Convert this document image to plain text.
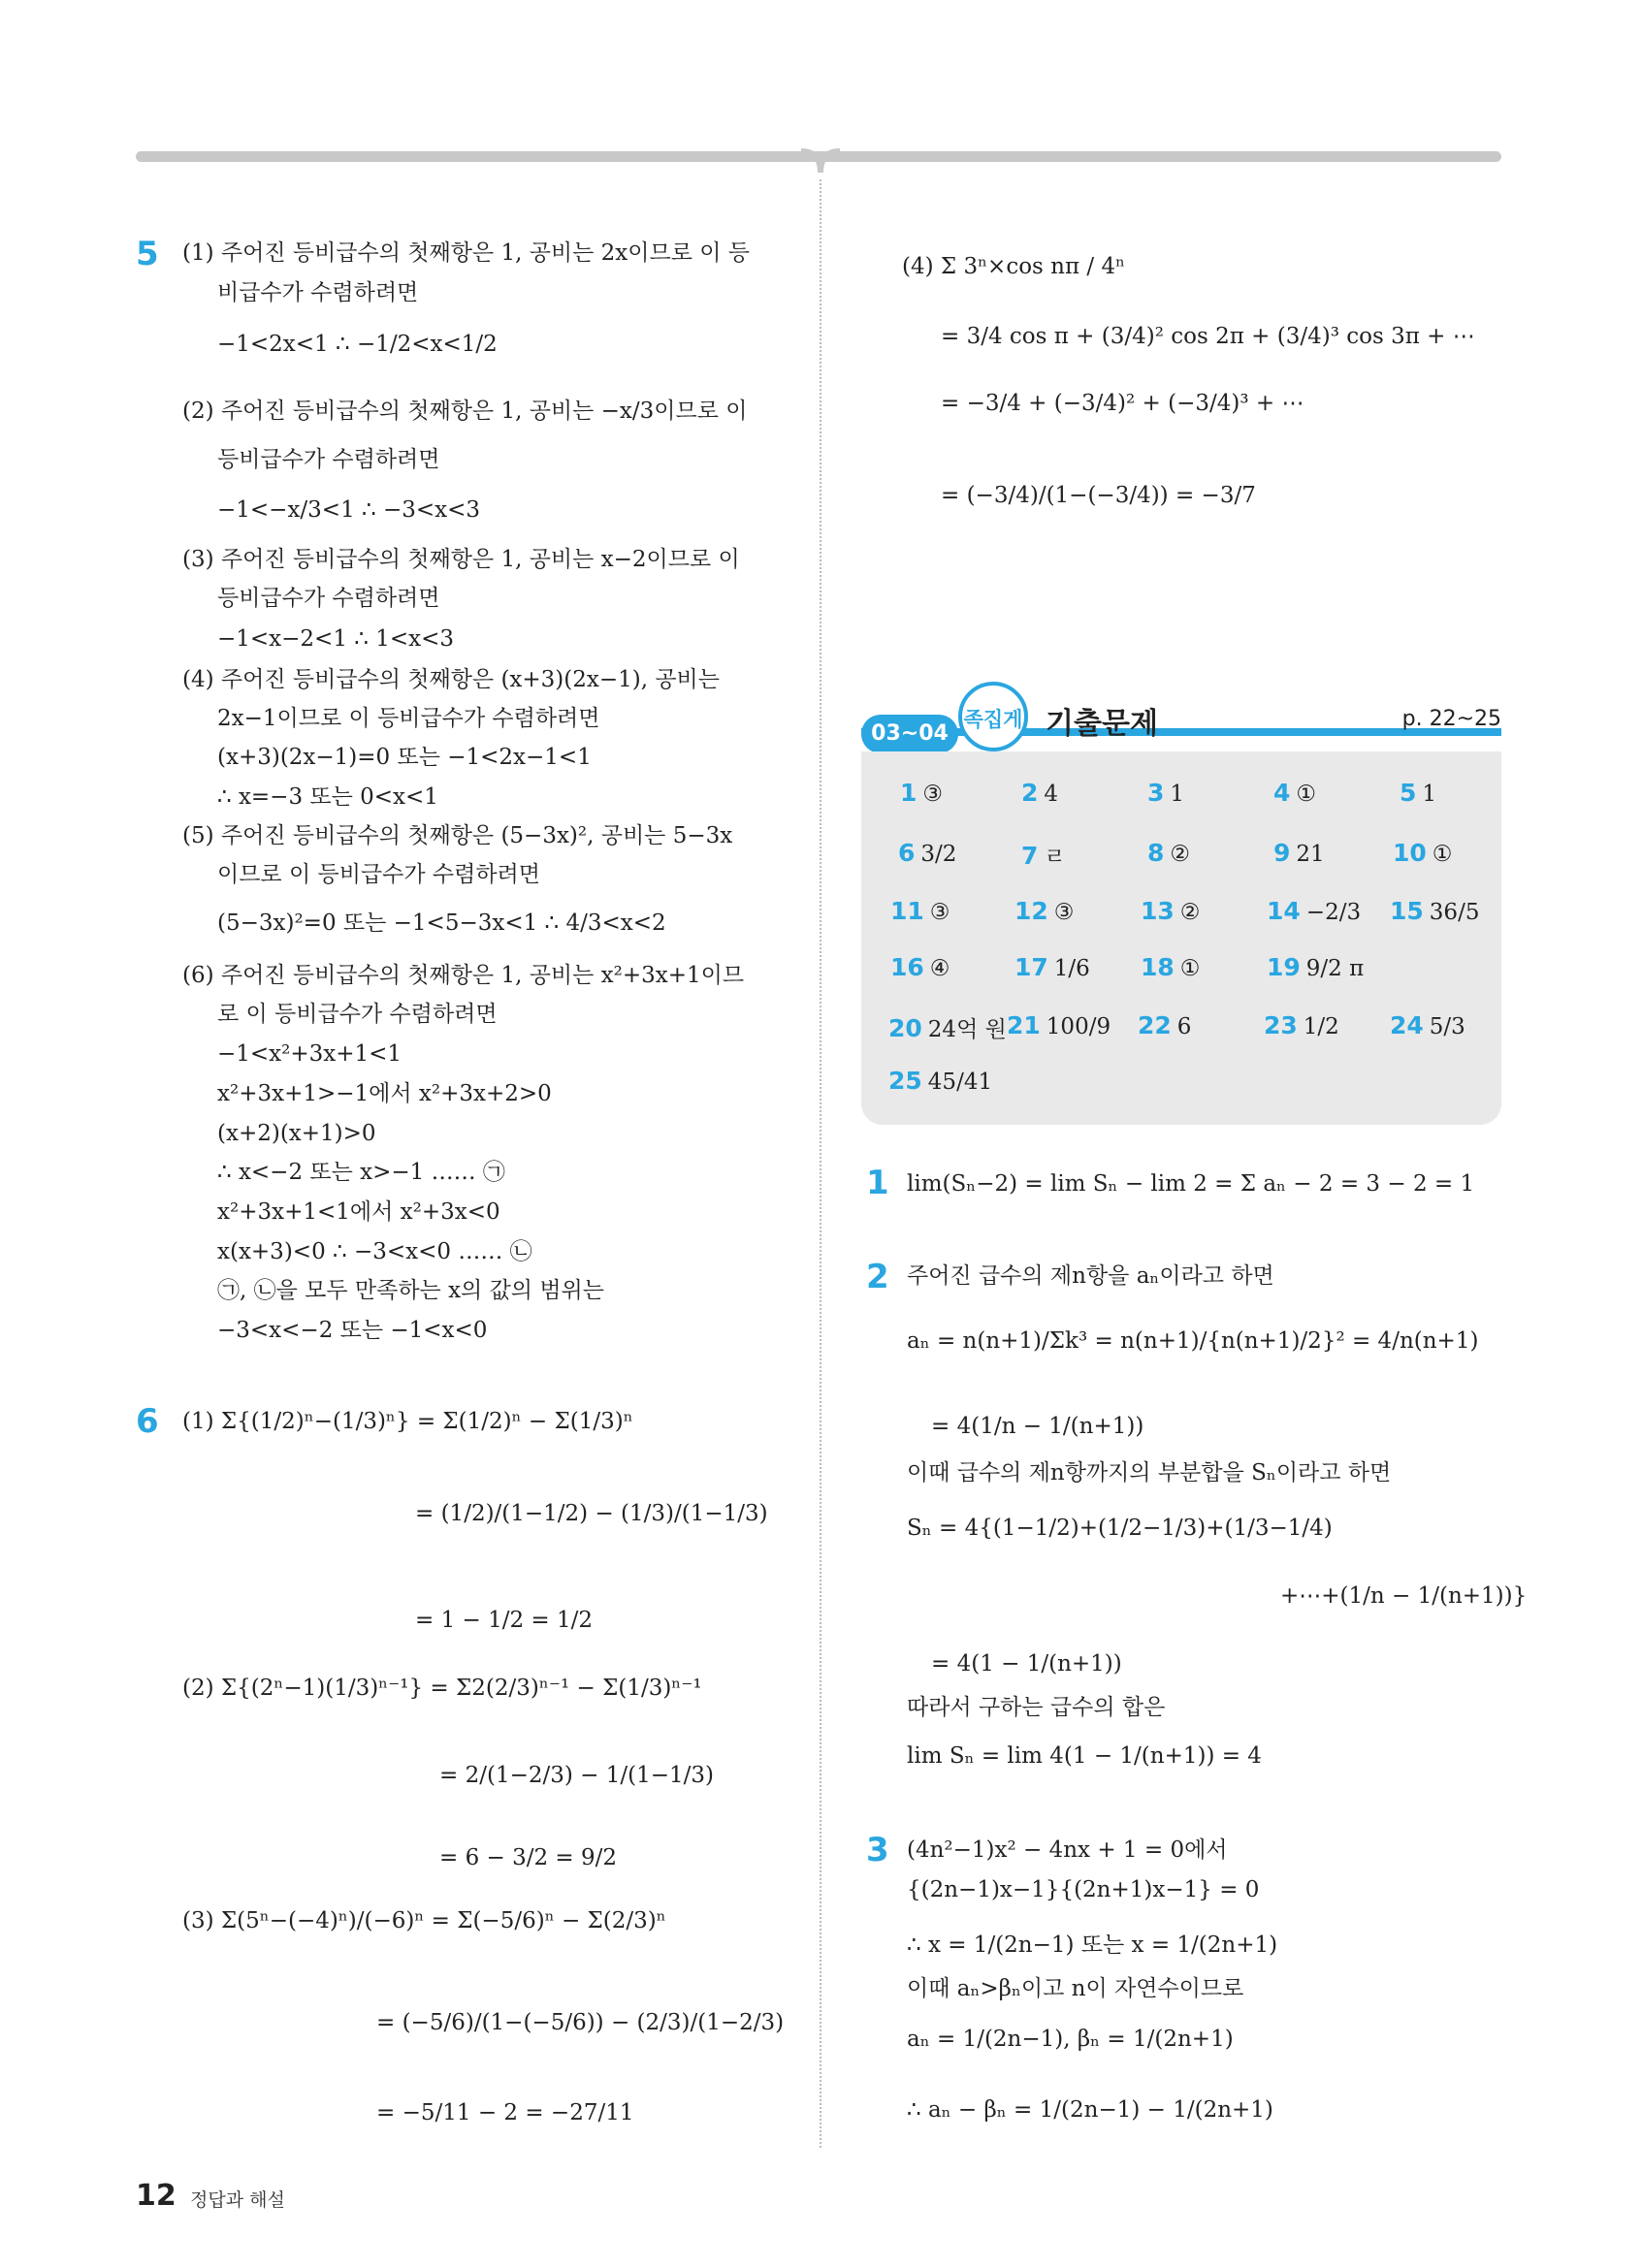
5 (1) 주어진 등비급수의 첫째항은 1, 공비는 2x이므로 이 등
비급수가 수렴하려면
−1<2x<1 ∴ −1/2<x<1/2
(2) 주어진 등비급수의 첫째항은 1, 공비는 −x/3이므로 이
등비급수가 수렴하려면
−1<−x/3<1 ∴ −3<x<3
(3) 주어진 등비급수의 첫째항은 1, 공비는 x−2이므로 이
등비급수가 수렴하려면
−1<x−2<1 ∴ 1<x<3
(4) 주어진 등비급수의 첫째항은 (x+3)(2x−1), 공비는
2x−1이므로 이 등비급수가 수렴하려면
(x+3)(2x−1)=0 또는 −1<2x−1<1
∴ x=−3 또는 0<x<1
(5) 주어진 등비급수의 첫째항은 (5−3x)², 공비는 5−3x
이므로 이 등비급수가 수렴하려면
(5−3x)²=0 또는 −1<5−3x<1 ∴ 4/3<x<2
(6) 주어진 등비급수의 첫째항은 1, 공비는 x²+3x+1이므
로 이 등비급수가 수렴하려면
−1<x²+3x+1<1
x²+3x+1>−1에서 x²+3x+2>0
(x+2)(x+1)>0
∴ x<−2 또는 x>−1 …… ㉠
x²+3x+1<1에서 x²+3x<0
x(x+3)<0 ∴ −3<x<0 …… ㉡
㉠, ㉡을 모두 만족하는 x의 값의 범위는
−3<x<−2 또는 −1<x<0
6 (1) Σ{(1/2)ⁿ−(1/3)ⁿ} = Σ(1/2)ⁿ − Σ(1/3)ⁿ
= (1/2)/(1−1/2) − (1/3)/(1−1/3)
= 1 − 1/2 = 1/2
(2) Σ{(2ⁿ−1)(1/3)ⁿ⁻¹} = Σ2(2/3)ⁿ⁻¹ − Σ(1/3)ⁿ⁻¹
= 2/(1−2/3) − 1/(1−1/3)
= 6 − 3/2 = 9/2
(3) Σ(5ⁿ−(−4)ⁿ)/(−6)ⁿ = Σ(−5/6)ⁿ − Σ(2/3)ⁿ
= (−5/6)/(1−(−5/6)) − (2/3)/(1−2/3)
= −5/11 − 2 = −27/11
(4) Σ 3ⁿ×cos nπ / 4ⁿ
= 3/4 cos π + (3/4)² cos 2π + (3/4)³ cos 3π + ⋯
= −3/4 + (−3/4)² + (−3/4)³ + ⋯
= (−3/4)/(1−(−3/4)) = −3/7
03~04
족집게 기출문제	p. 22~25
1 ③	2 4	3 1	4 ①	5 1
6 3/2	7 ㄹ	8 ②	9 21	10 ①
11 ③	12 ③	13 ②	14 −2/3 15 36/5
16 ④	17 1/6 18 ①	19 9/2 π
20 24억 원 21 100/9 22 6	23 1/2 24 5/3
25 45/41
1 lim(Sₙ−2) = lim Sₙ − lim 2 = Σ aₙ − 2 = 3 − 2 = 1
2 주어진 급수의 제n항을 aₙ이라고 하면
aₙ = n(n+1)/Σk³ = n(n+1)/{n(n+1)/2}² = 4/n(n+1)
= 4(1/n − 1/(n+1))
이때 급수의 제n항까지의 부분합을 Sₙ이라고 하면
Sₙ = 4{(1−1/2)+(1/2−1/3)+(1/3−1/4)
+⋯+(1/n − 1/(n+1))}
= 4(1 − 1/(n+1))
따라서 구하는 급수의 합은
lim Sₙ = lim 4(1 − 1/(n+1)) = 4
3 (4n²−1)x² − 4nx + 1 = 0에서
{(2n−1)x−1}{(2n+1)x−1} = 0
∴ x = 1/(2n−1) 또는 x = 1/(2n+1)
이때 aₙ>βₙ이고 n이 자연수이므로
aₙ = 1/(2n−1), βₙ = 1/(2n+1)
∴ aₙ − βₙ = 1/(2n−1) − 1/(2n+1)
12 정답과 해설
